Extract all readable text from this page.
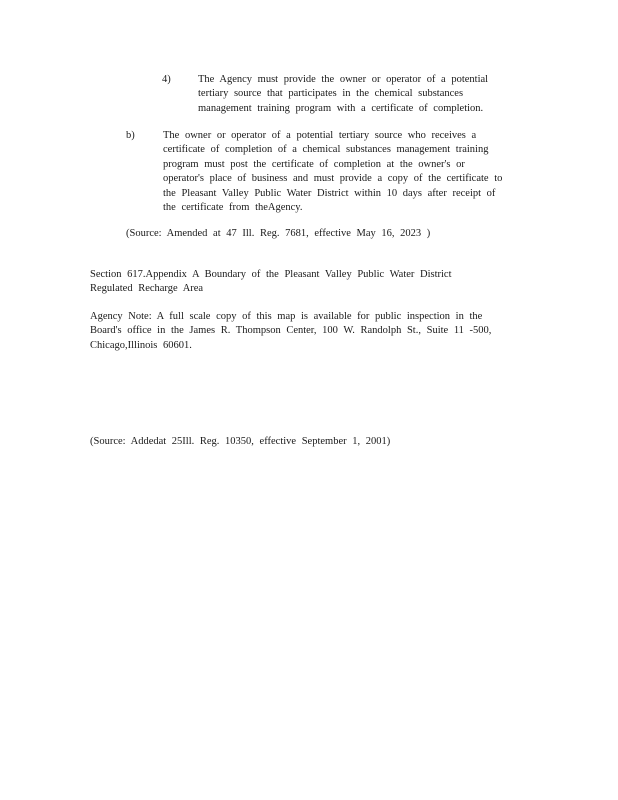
4)	The Agency must provide the owner or operator of a potential
tertiary source that participates in the chemical substances
management training program with a certificate of completion.

b)	The owner or operator of a potential tertiary source who receives a
certificate of completion of a chemical substances management training
program must post the certificate of completion at the owner's or
operator's place of business and must provide a copy of the certificate to
the Pleasant Valley Public Water District within 10 days after receipt of
the certificate from theAgency.

(Source: Amended at 47 Ill. Reg. 7681, effective May 16, 2023 )

Section 617.Appendix A Boundary of the Pleasant Valley Public Water District
Regulated Recharge Area

Agency Note: A full scale copy of this map is available for public inspection in the
Board's office in the James R. Thompson Center, 100 W. Randolph St., Suite 11 -500,
Chicago,Illinois 60601.

(Source: Addedat 25Ill. Reg. 10350, effective September 1, 2001)
